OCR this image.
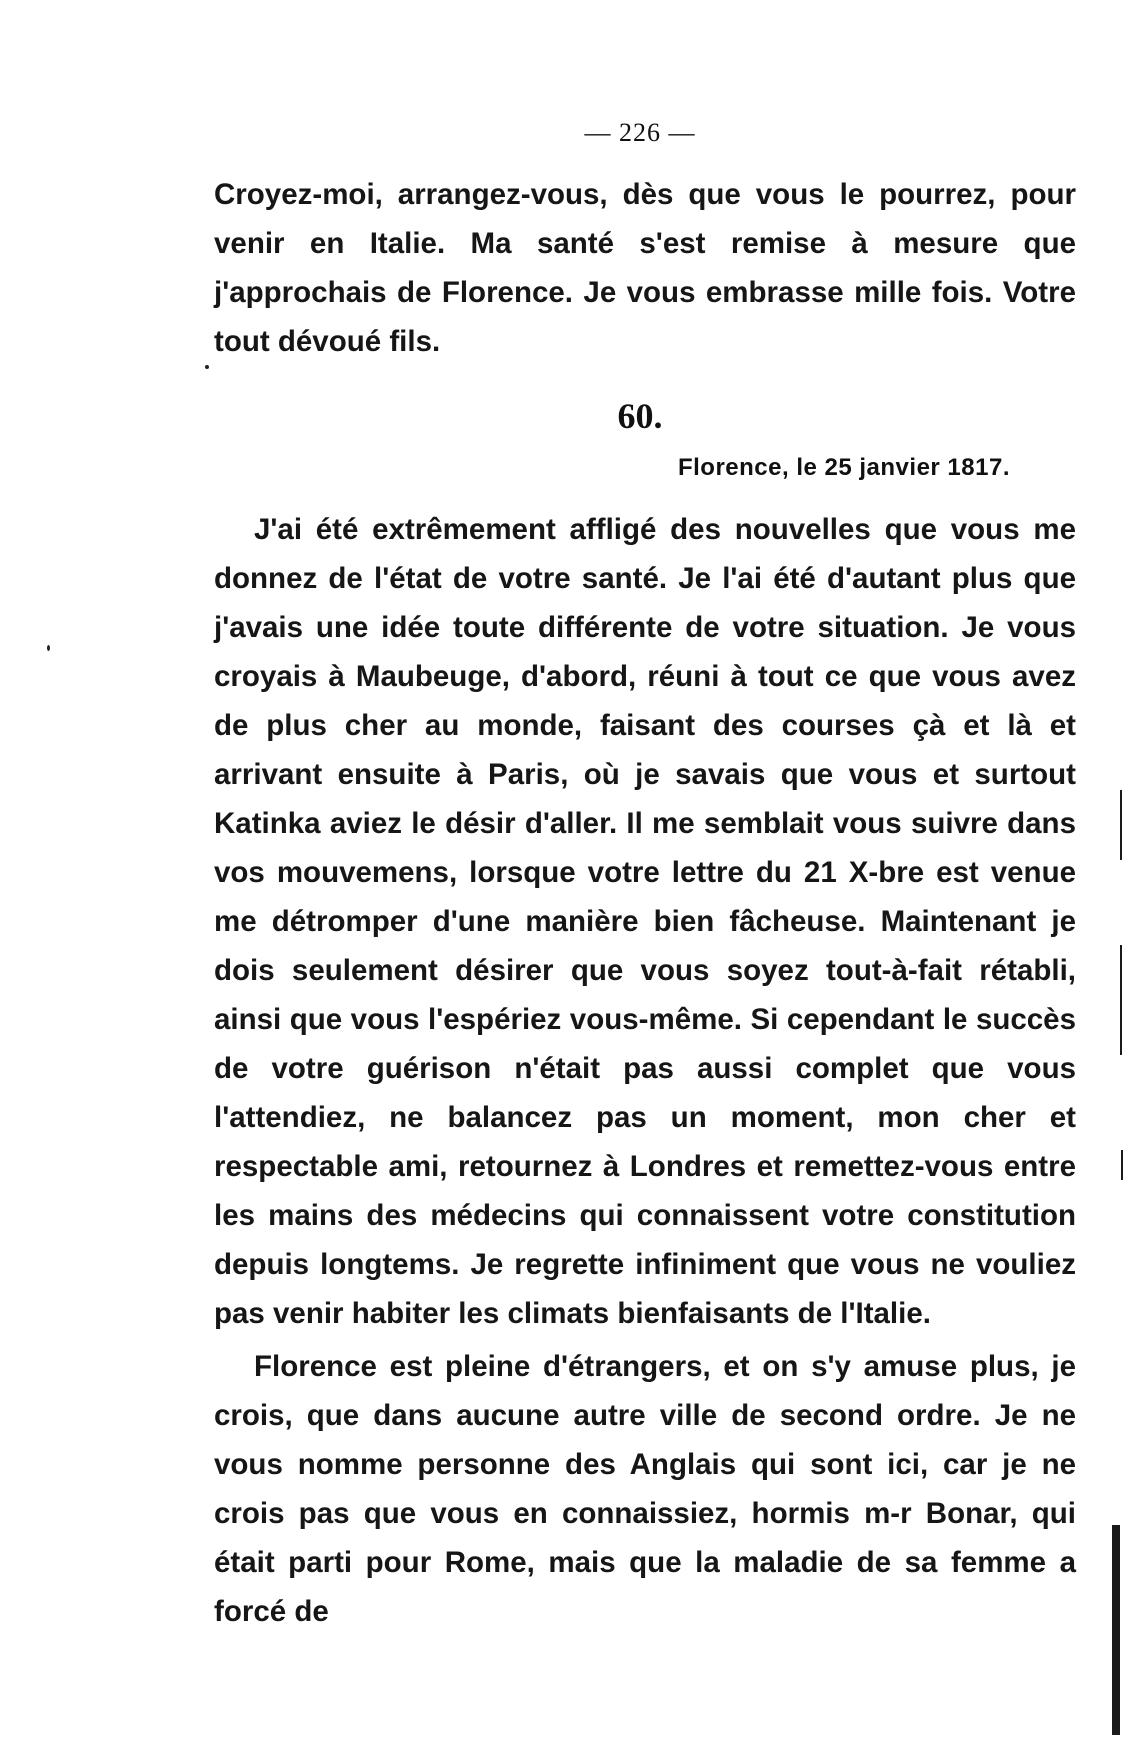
— 226 —

Croyez-moi, arrangez-vous, dès que vous le pourrez, pour venir en Italie. Ma santé s'est remise à mesure que j'approchais de Florence. Je vous embrasse mille fois. Votre tout dévoué fils.

60.
Florence, le 25 janvier 1817.

J'ai été extrêmement affligé des nouvelles que vous me donnez de l'état de votre santé. Je l'ai été d'autant plus que j'avais une idée toute différente de votre situation. Je vous croyais à Maubeuge, d'abord, réuni à tout ce que vous avez de plus cher au monde, faisant des courses çà et là et arrivant ensuite à Paris, où je savais que vous et surtout Katinka aviez le désir d'aller. Il me semblait vous suivre dans vos mouvemens, lorsque votre lettre du 21 X-bre est venue me détromper d'une manière bien fâcheuse. Maintenant je dois seulement désirer que vous soyez tout-à-fait rétabli, ainsi que vous l'espériez vous-même. Si cependant le succès de votre guérison n'était pas aussi complet que vous l'attendiez, ne balancez pas un moment, mon cher et respectable ami, retournez à Londres et remettez-vous entre les mains des médecins qui connaissent votre constitution depuis longtems. Je regrette infiniment que vous ne vouliez pas venir habiter les climats bienfaisants de l'Italie.

Florence est pleine d'étrangers, et on s'y amuse plus, je crois, que dans aucune autre ville de second ordre. Je ne vous nomme personne des Anglais qui sont ici, car je ne crois pas que vous en connaissiez, hormis m-r Bonar, qui était parti pour Rome, mais que la maladie de sa femme a forcé de
